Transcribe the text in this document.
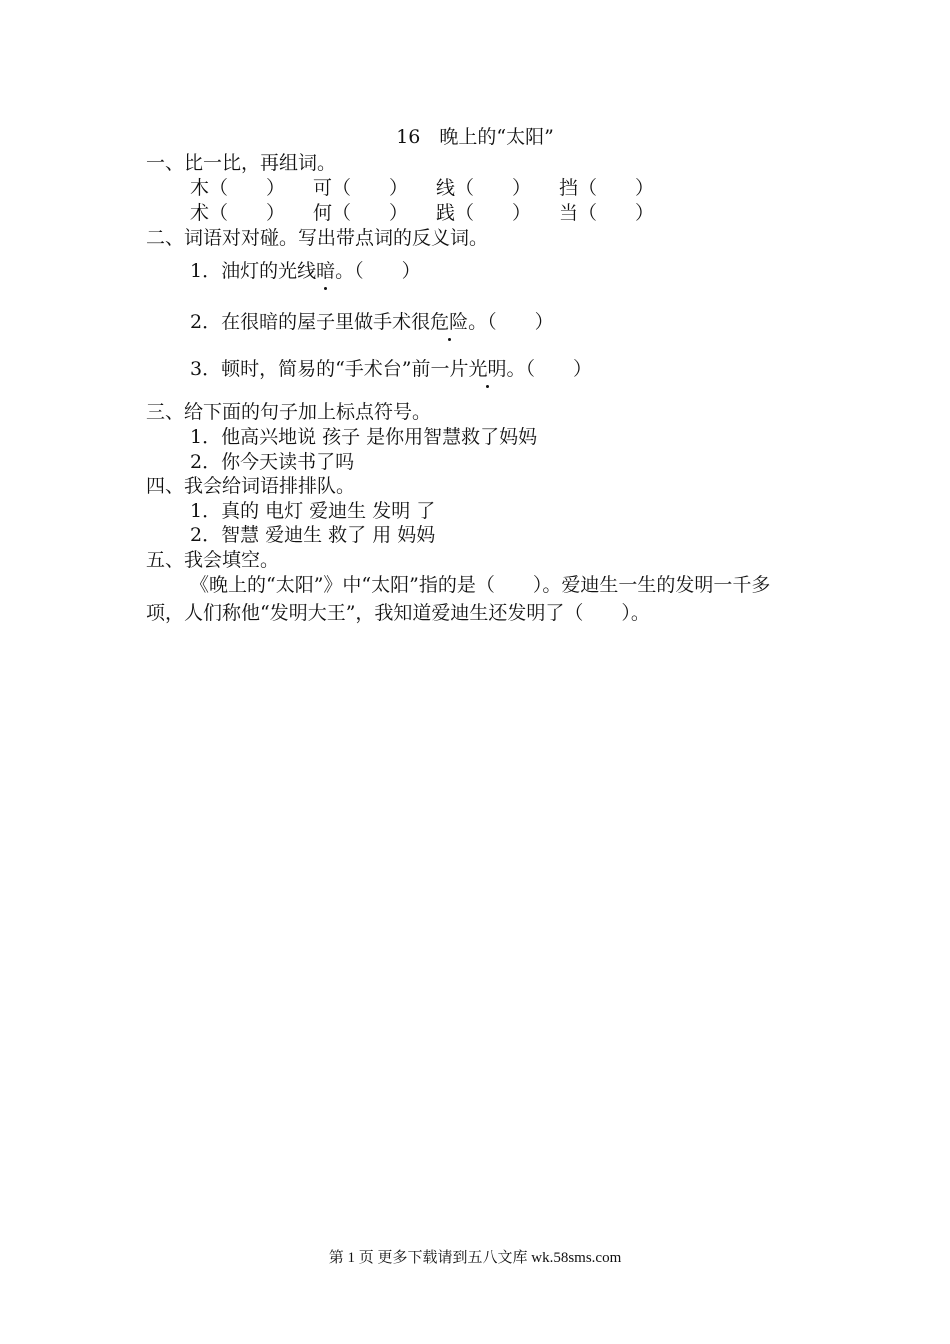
16　晚上的“太阳”
一、比一比，再组词。
木（　　） 可（　　） 线（　　） 挡（　　）
术（　　） 何（　　） 践（　　） 当（　　）
二、词语对对碰。写出带点词的反义词。
1．油灯的光线暗。（　　）
2．在很暗的屋子里做手术很危险。（　　）
3．顿时，简易的“手术台”前一片光明。（　　）
三、给下面的句子加上标点符号。
1．他高兴地说 孩子 是你用智慧救了妈妈
2．你今天读书了吗
四、我会给词语排排队。
1．真的 电灯 爱迪生 发明 了
2．智慧 爱迪生 救了 用 妈妈
五、我会填空。
《晚上的“太阳”》中“太阳”指的是（　　）。爱迪生一生的发明一千多项，人们称他“发明大王”，我知道爱迪生还发明了（　　）。
第 1 页 更多下载请到五八文库 wk.58sms.com
